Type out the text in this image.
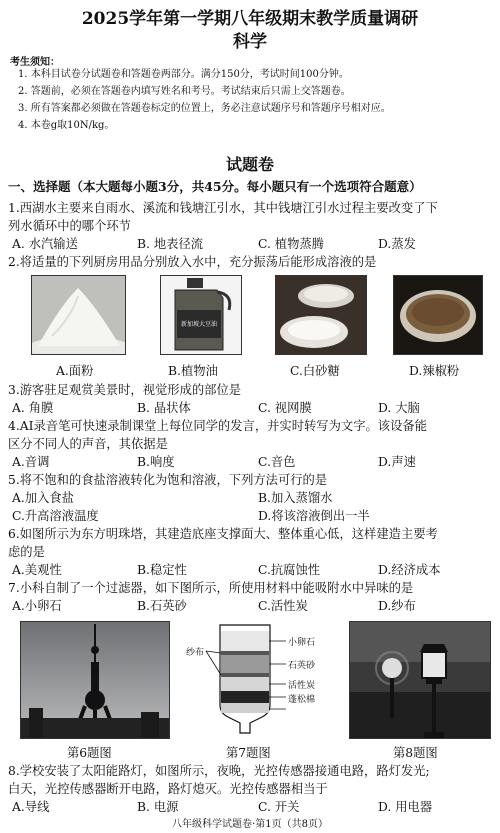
2025学年第一学期八年级期末教学质量调研
科学
考生须知：
1. 本科目试卷分试题卷和答题卷两部分。满分150分，考试时间100分钟。
2. 答题前，必须在答题卷内填写姓名和考号。考试结束后只需上交答题卷。
3. 所有答案都必须做在答题卷标定的位置上，务必注意试题序号和答题序号相对应。
4. 本卷g取10N/kg。
试题卷
一、选择题（本大题每小题3分，共45分。每小题只有一个选项符合题意）
1.西湖水主要来自雨水、溪流和钱塘江引水，其中钱塘江引水过程主要改变了下
列水循环中的哪个环节
A. 水汽输送	B. 地表径流	C. 植物蒸腾	D.蒸发
2.将适量的下列厨房用品分别放入水中，充分振荡后能形成溶液的是
新加坡大豆油
A.面粉	B.植物油	C.白砂糖	D.辣椒粉
3.游客驻足观赏美景时，视觉形成的部位是
A. 角膜	B. 晶状体	C. 视网膜	D. 大脑
4.AI录音笔可快速录制课堂上每位同学的发言，并实时转写为文字。该设备能
区分不同人的声音，其依据是
A.音调	B.响度	C.音色	D.声速
5.将不饱和的食盐溶液转化为饱和溶液，下列方法可行的是
A.加入食盐	B.加入蒸馏水
C.升高溶液温度	D.将该溶液倒出一半
6.如图所示为东方明珠塔，其建造底座支撑面大、整体重心低，这样建造主要考
虑的是
A.美观性	B.稳定性	C.抗腐蚀性	D.经济成本
7.小科自制了一个过滤器，如下图所示，所使用材料中能吸附水中异味的是
A.小卵石	B.石英砂	C.活性炭	D.纱布
纱布
小卵石
石英砂
活性炭
蓬松棉
第6题图	第7题图	第8题图
8.学校安装了太阳能路灯，如图所示，夜晚，光控传感器接通电路，路灯发光;
白天，光控传感器断开电路，路灯熄灭。光控传感器相当于
A.导线	B. 电源	C. 开关	D. 用电器
八年级科学试题卷·第1页（共8页）
